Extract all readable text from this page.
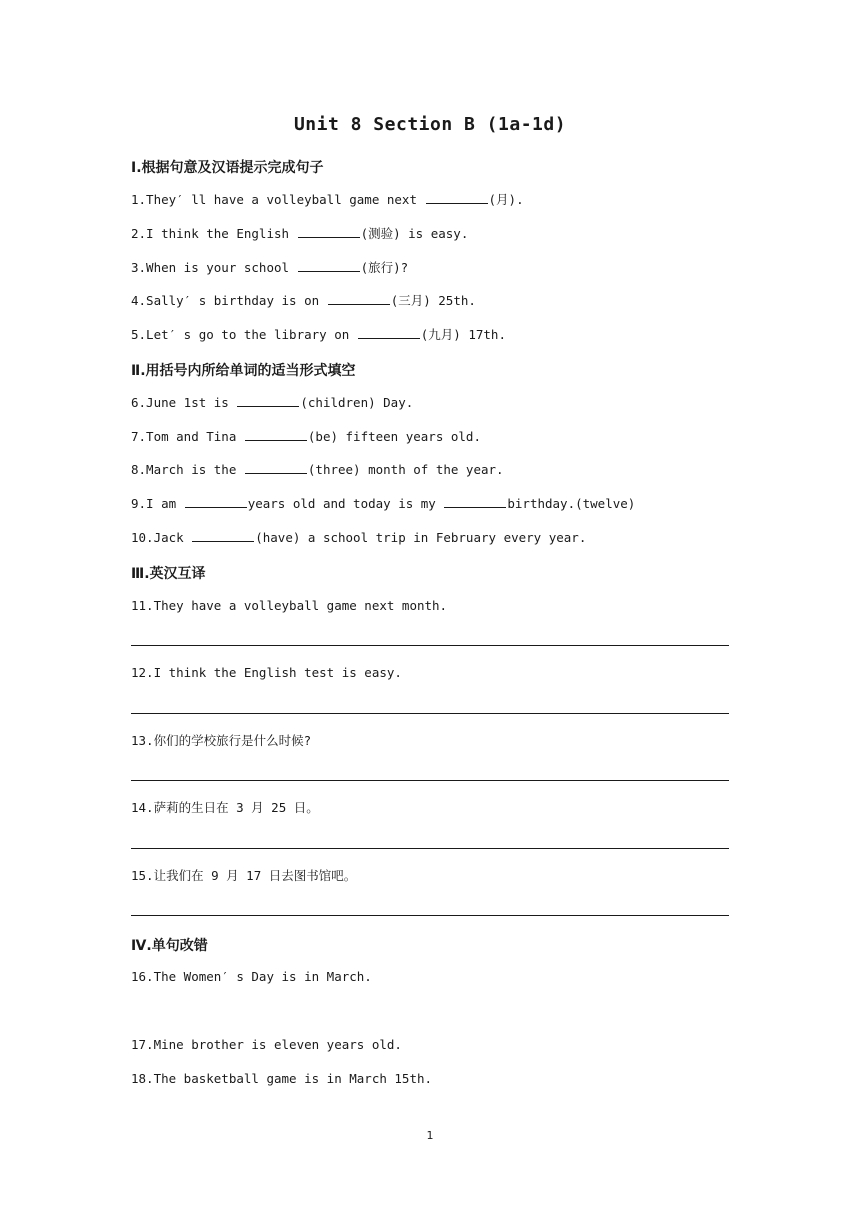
Unit 8 Section B (1a-1d)
Ⅰ.根据句意及汉语提示完成句子
1.They′ ll have a volleyball game next	(月).
2.I think the English	(测验) is easy.
3.When is your school	(旅行)?
4.Sally′ s birthday is on	(三月) 25th.
5.Let′ s go to the library on	(九月) 17th.
Ⅱ.用括号内所给单词的适当形式填空
6.June 1st is	(children) Day.
7.Tom and Tina	(be) fifteen years old.
8.March is the	(three) month of the year.
9.I am	years old and today is my	birthday.(twelve)
10.Jack	(have) a school trip in February every year.
Ⅲ.英汉互译
11.They have a volleyball game next month.
12.I think the English test is easy.
13.你们的学校旅行是什么时候?
14.萨莉的生日在 3 月 25 日。
15.让我们在 9 月 17 日去图书馆吧。
Ⅳ.单句改错
16.The Women′ s Day is in March.
17.Mine brother is eleven years old.
18.The basketball game is in March 15th.
1
